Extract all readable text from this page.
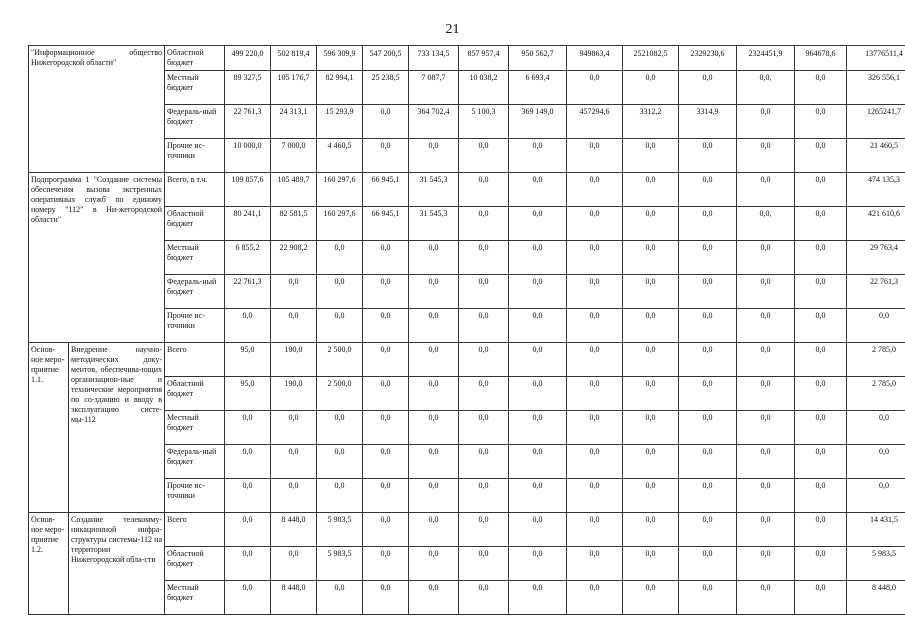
21
"Информационное общество Нижегородской области"		Областной бюджет	499 220,0	502 819,4	596 309,9	547 200,5	733 134,5	857 957,4	950 562,7	949863,4	2521082,5	2329230,6	2324451,9	964678,6	13776511,4
		Местный бюджет	89 327,5	105 176,7	82 994,1	25 238,5	7 087,7	10 038,2	6 693,4	0,0	0,0	0,0	0,0,	0,0	326 556,1
		Федераль-ный бюджет	22 761,3	24 313,1	15 293,9	0,0	364 702,4	5 100,3	369 149,0	457294,6	3312,2	3314,9	0,0	0,0	1265241,7
		Прочие ис-точники	10 000,0	7 000,0	4 460,5	0,0	0,0	0,0	0,0	0,0	0,0	0,0	0,0	0,0	21 460,5
Подпрограмма 1 "Создание системы обеспечения вызова экстренных оперативных служб по единому номеру "112" в Ни-жегородской области"		Всего, в т.ч.	109 857,6	105 489,7	160 297,6	66 945,1	31 545,3	0,0	0,0	0,0	0,0	0,0	0,0	0,0	474 135,3
		Областной бюджет	80 241,1	82 581,5	160 297,6	66 945,1	31 545,3	0,0	0,0	0,0	0,0	0,0	0,0,	0,0	421 610,6
		Местный бюджет	6 855,2	22 908,2	0,0	0,0	0,0	0,0	0,0	0,0	0,0	0,0	0,0	0,0	29 763,4
		Федераль-ный бюджет	22 761,3	0,0	0,0	0,0	0,0	0,0	0,0	0,0	0,0	0,0	0,0	0,0	22 761,3
		Прочие ис-точники	0,0	0,0	0,0	0,0	0,0	0,0	0,0	0,0	0,0	0,0	0,0	0,0	0,0
Основ-ное меро-приятие 1.1.	Внедрение научно-методических доку-ментов, обеспечива-ющих организацион-ные и технические мероприятия по со-зданию и вводу в эксплуатацию систе-мы-112	Всего	95,0	190,0	2 500,0	0,0	0,0	0,0	0,0	0,0	0,0	0,0	0,0	0,0	2 785,0
		Областной бюджет	95,0	190,0	2 500,0	0,0	0,0	0,0	0,0	0,0	0,0	0,0	0,0	0,0	2 785,0
		Местный бюджет	0,0	0,0	0,0	0,0	0,0	0,0	0,0	0,0	0,0	0,0	0,0	0,0	0,0
		Федераль-ный бюджет	0,0	0,0	0,0	0,0	0,0	0,0	0,0	0,0	0,0	0,0	0,0	0,0	0,0
		Прочие ис-точники	0,0	0,0	0,0	0,0	0,0	0,0	0,0	0,0	0,0	0,0	0,0	0,0	0,0
Основ-ное меро-приятие 1.2.	Создание телекомму-никационной инфра-структуры системы-112 на территории Нижегородской обла-сти	Всего	0,0	8 448,0	5 983,5	0,0	0,0	0,0	0,0	0,0	0,0	0,0	0,0	0,0	14 431,5
		Областной бюджет	0,0	0,0	5 983,5	0,0	0,0	0,0	0,0	0,0	0,0	0,0	0,0	0,0	5 983,5
		Местный бюджет	0,0	8 448,0	0,0	0,0	0,0	0,0	0,0	0,0	0,0	0,0	0,0	0,0	8 448,0
